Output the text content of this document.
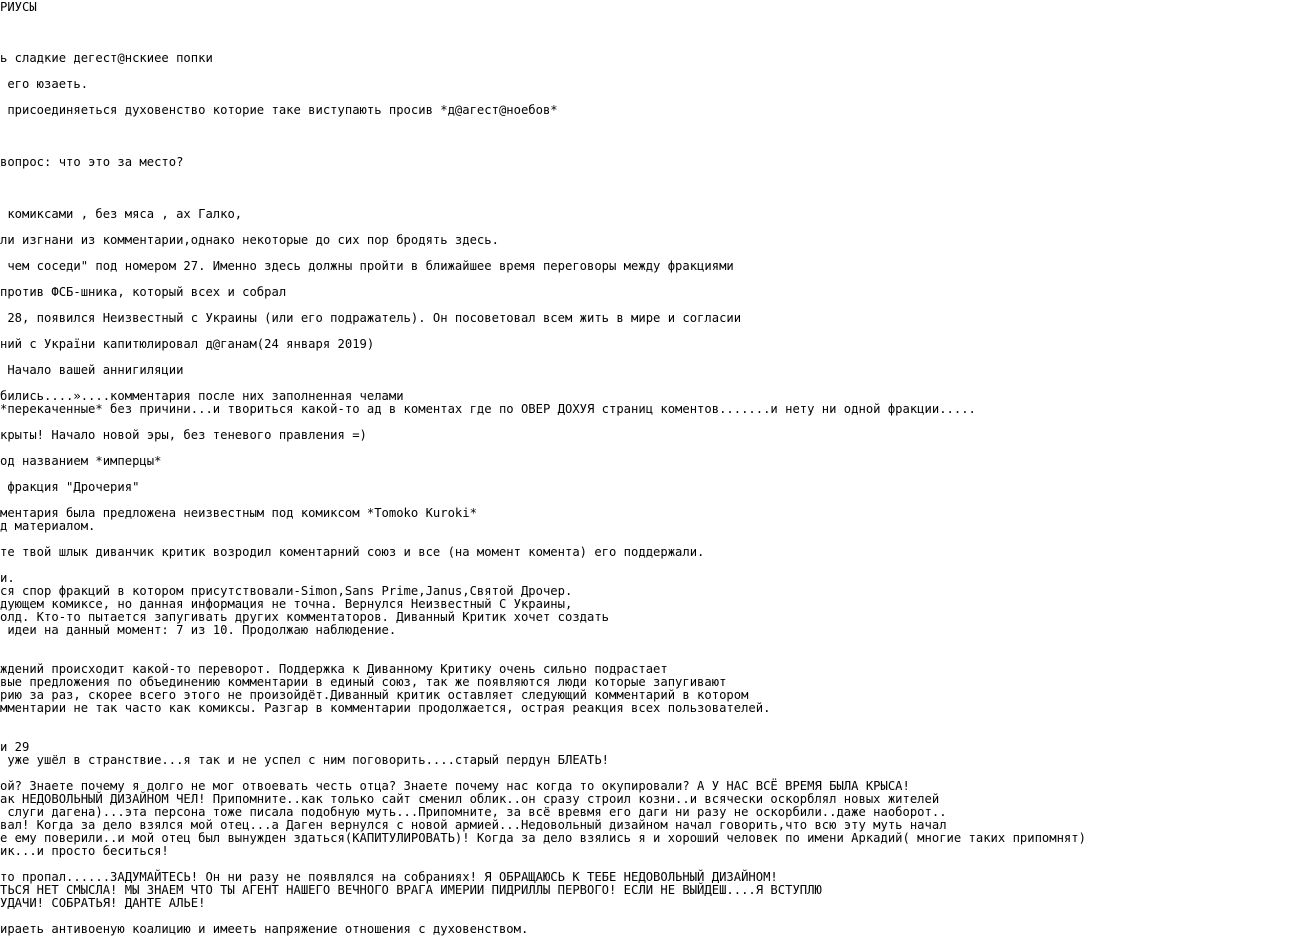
РИУСЫ

ь сладкие дегест@нскиее попки

его юзаеть.

присоединяеться духовенство которие таке виступають просив *д@агест@ноебов*

вопрос: что это за место?

комиксами , без мяса , ах Галко,

ли изгнани из комментарии,однако некоторые до сих пор бродять здесь.

чем соседи" под номером 27. Именно здесь должны пройти в ближайшее время переговоры между фракциями

против ФСБ-шника, который всех и собрал

28, появился Неизвестный с Украины (или его подражатель). Он посоветовал всем жить в мире и согласии

ний с Украïни капитюлировал д@ганам(24 января 2019)

Начало вашей аннигиляции

бились....»....комментария после них заполненная челами

*перекаченные* без причини...и твориться какой-то ад в коментах где по ОВЕР ДОХУЯ страниц коментов.......и нету ни одной фракции.....

крыты! Начало новой эры, без теневого правления =)

од названием *имперцы*

фракция "Дрочерия"

ментария была предложена неизвестным под комиксом *Tomoko Kuroki*

д материалом.

те твой шлык диванчик критик возродил коментарний союз и все (на момент комента) его поддержали.

и.

ся спор фракций в котором присутствовали-Simon,Sans Prime,Janus,Святой Дрочер.

дующем комиксе, но данная информация не точна. Вернулся Неизвестный С Украины,

олд. Кто-то пытается запугивать других комментаторов. Диванный Критик хочет создать

идеи на данный момент: 7 из 10. Продолжаю наблюдение.

ждений происходит какой-то переворот. Поддержка к Диванному Критику очень сильно подрастает

вые предложения по объединению комментарии в единый союз, так же появляются люди которые запугивают

рию за раз, скорее всего этого не произойдёт.Диванный критик оставляет следующий комментарий в котором

мментарии не так часто как комиксы. Разгар в комментарии продолжается, острая реакция всех пользователей.

и 29

уже ушёл в странствие...я так и не успел с ним поговорить....старый пердун БЛЕАТЬ!

ой? Знаете почему я долго не мог отвоевать честь отца? Знаете почему нас когда то окупировали? А У НАС ВСЁ ВРЕМЯ БЫЛА КРЫСА!

ак НЕДОВОЛЬНЫЙ ДИЗАЙНОМ ЧЕЛ! Припомните..как только сайт сменил облик..он сразу строил козни..и всячески оскорблял новых жителей

слуги дагена)...эта персона тоже писала подобную муть...Припомните, за всё вревмя его даги ни разу не оскорбили..даже наоборот..

вал! Когда за дело взялся мой отец...а Даген вернулся с новой армией...Недовольный дизайном начал говорить,что всю эту муть начал

е ему поверили..и мой отец был вынужден здаться(КАПИТУЛИРОВАТЬ)! Когда за дело взялись я и хороший человек по имени Аркадий( многие таких припомнят)

ик...и просто беситься!

то пропал......ЗАДУМАЙТЕСЬ! Он ни разу не появлялся на собраниях! Я ОБРАЩАЮСЬ К ТЕБЕ НЕДОВОЛЬНЫЙ ДИЗАЙНОМ!

ТЬСЯ НЕТ СМЫСЛА! МЫ ЗНАЕМ ЧТО ТЫ АГЕНТ НАШЕГО ВЕЧНОГО ВРАГА ИМЕРИИ ПИДРИЛЛЫ ПЕРВОГО! ЕСЛИ НЕ ВЫЙДЕШ....Я ВСТУПЛЮ

УДАЧИ! СОБРАТЬЯ! ДАНТЕ АЛЬЕ!

ираеть антивоеную коалицию и имееть напряжение отношения с духовенством.
